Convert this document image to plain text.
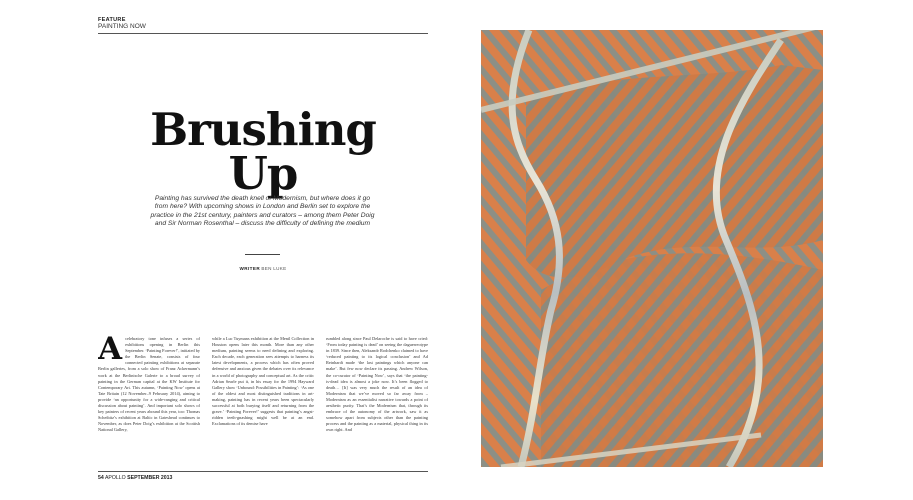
FEATURE
PAINTING NOW
Brushing
Up
Painting has survived the death knell of Modernism, but where does it go from here? With upcoming shows in London and Berlin set to explore the practice in the 21st century, painters and curators – among them Peter Doig and Sir Norman Rosenthal – discuss the difficulty of defining the medium
WRITER BEN LUKE

A celebratory tone infuses a series of exhibitions opening in Berlin this September. ‘Painting Forever!’, initiated by the Berlin Senate, consists of four connected painting exhibitions at separate Berlin galleries, from a solo show of Franz Ackermann’s work at the Berlinische Galerie to a broad survey of painting in the German capital at the KW Institute for Contemporary Art. This autumn, ‘Painting Now’ opens at Tate Britain (12 November–9 February 2014), aiming to provide ‘an opportunity for a wide-ranging and critical discussion about painting’. And important solo shows of key painters of recent years abound this year, too: Thomas Scheibitz’s exhibition at Baltic in Gateshead continues to November, as does Peter Doig’s exhibition at the Scottish National Gallery,

while a Luc Tuymans exhibition at the Menil Collection in Houston opens later this month. More than any other medium, painting seems to need defining and exploring. Each decade, each generation sees attempts to harness its latest developments, a process which has often proved defensive and anxious given the debates over its relevance in a world of photography and conceptual art. As the critic Adrian Searle put it, in his essay for the 1994 Hayward Gallery show ‘Unbound: Possibilities in Painting’: ‘As one of the oldest and most distinguished traditions in art-making, painting has in recent years been spectacularly successful at both burying itself and returning from the grave.’ ‘Painting Forever!’ suggests that painting’s angst-ridden teeth-gnashing might well be at an end. Exclamations of its demise have

rumbled along since Paul Delaroche is said to have cried: ‘From today painting is dead’ on seeing the daguerreotype in 1839. Since then, Aleksandr Rodchenko claimed to have ‘reduced painting to its logical conclusion’ and Ad Reinhardt made ‘the last paintings which anyone can make’. But few now declare its passing. Andrew Wilson, the co-curator of ‘Painting Now’, says that ‘the painting-is-dead idea is almost a joke now. It’s been flogged to death… [It] was very much the result of an idea of Modernism that we’ve moved so far away from – Modernism as an essentialist narrative towards a point of aesthetic purity. That’s the Modernism that, through its embrace of the autonomy of the artwork, saw it as somehow apart from subjects other than the painting process and the painting as a material, physical thing in its own right. And

54 APOLLO SEPTEMBER 2013
